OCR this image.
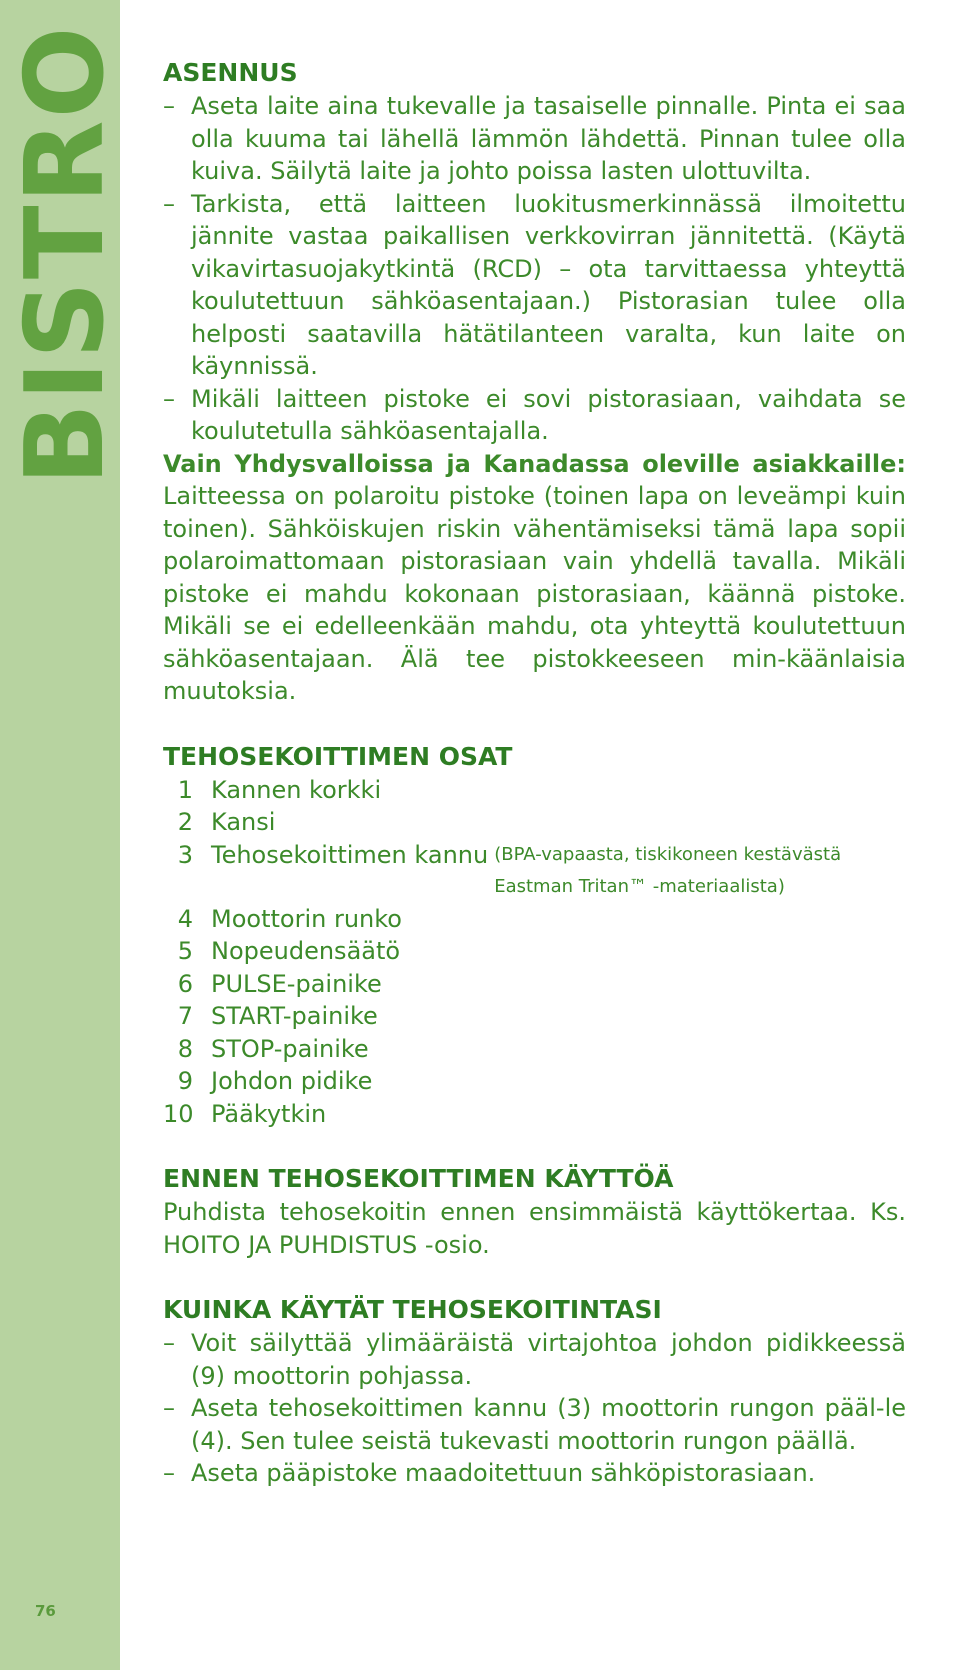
BISTRO
76
ASENNUS
– Aseta laite aina tukevalle ja tasaiselle pinnalle. Pinta ei saa olla kuuma tai lähellä lämmön lähdettä. Pinnan tulee olla kuiva. Säilytä laite ja johto poissa lasten ulottuvilta.
– Tarkista, että laitteen luokitusmerkinnässä ilmoitettu jännite vastaa paikallisen verkkovirran jännitettä. (Käytä vikavirtasuojakytkintä (RCD) – ota tarvittaessa yhteyttä koulutettuun sähköasentajaan.) Pistorasian tulee olla helposti saatavilla hätätilanteen varalta, kun laite on käynnissä.
– Mikäli laitteen pistoke ei sovi pistorasiaan, vaihdata se koulutetulla sähköasentajalla.

Vain Yhdysvalloissa ja Kanadassa oleville asiakkaille: Laitteessa on polaroitu pistoke (toinen lapa on leveämpi kuin toinen). Sähköiskujen riskin vähentämiseksi tämä lapa sopii polaroimattomaan pistorasiaan vain yhdellä tavalla. Mikäli pistoke ei mahdu kokonaan pistorasiaan, käännä pistoke. Mikäli se ei edelleenkään mahdu, ota yhteyttä koulutettuun sähköasentajaan. Älä tee pistokkeeseen min-käänlaisia muutoksia.

TEHOSEKOITTIMEN OSAT
1 Kannen korkki
2 Kansi
3 Tehosekoittimen kannu (BPA-vapaasta, tiskikoneen kestävästä
Eastman Tritan™ -materiaalista)
4 Moottorin runko
5 Nopeudensäätö
6 PULSE-painike
7 START-painike
8 STOP-painike
9 Johdon pidike
10 Pääkytkin
ENNEN TEHOSEKOITTIMEN KÄYTTÖÄ

Puhdista tehosekoitin ennen ensimmäistä käyttökertaa. Ks. HOITO JA PUHDISTUS -osio.

KUINKA KÄYTÄT TEHOSEKOITINTASI
– Voit säilyttää ylimääräistä virtajohtoa johdon pidikkeessä (9) moottorin pohjassa.
– Aseta tehosekoittimen kannu (3) moottorin rungon pääl-le (4). Sen tulee seistä tukevasti moottorin rungon päällä.
– Aseta pääpistoke maadoitettuun sähköpistorasiaan.
